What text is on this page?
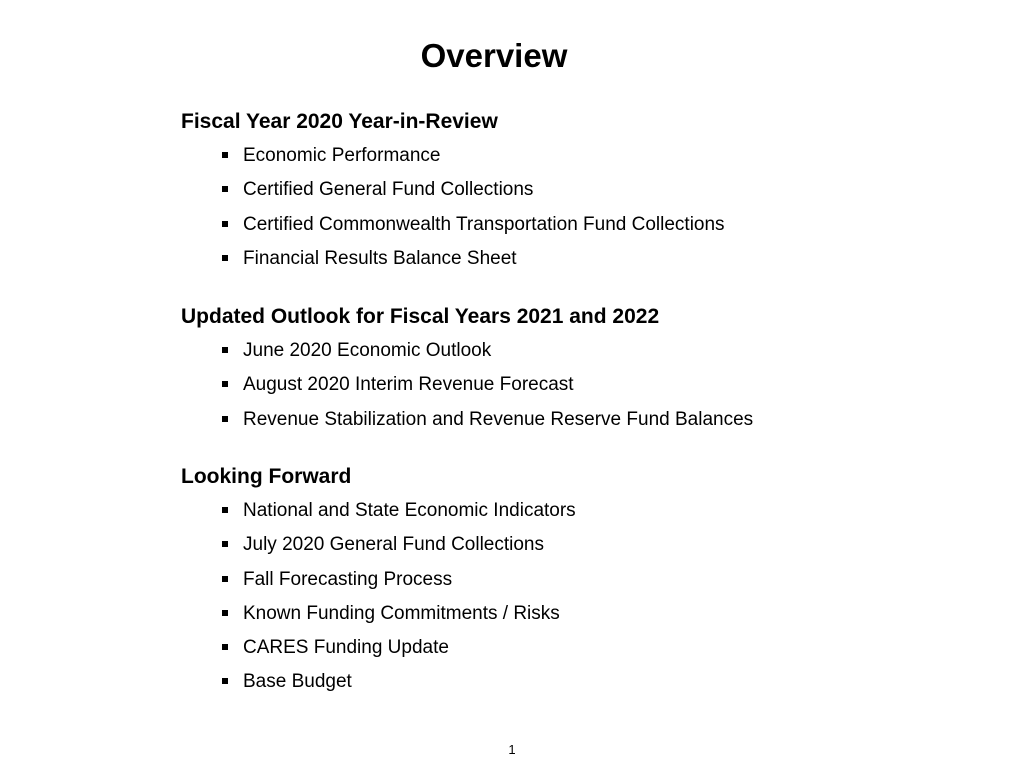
Overview
Fiscal Year 2020 Year-in-Review
Economic Performance
Certified General Fund Collections
Certified Commonwealth Transportation Fund Collections
Financial Results Balance Sheet
Updated Outlook for Fiscal Years 2021 and 2022
June 2020 Economic Outlook
August 2020 Interim Revenue Forecast
Revenue Stabilization and Revenue Reserve Fund Balances
Looking Forward
National and State Economic Indicators
July 2020 General Fund Collections
Fall Forecasting Process
Known Funding Commitments / Risks
CARES Funding Update
Base Budget
1
